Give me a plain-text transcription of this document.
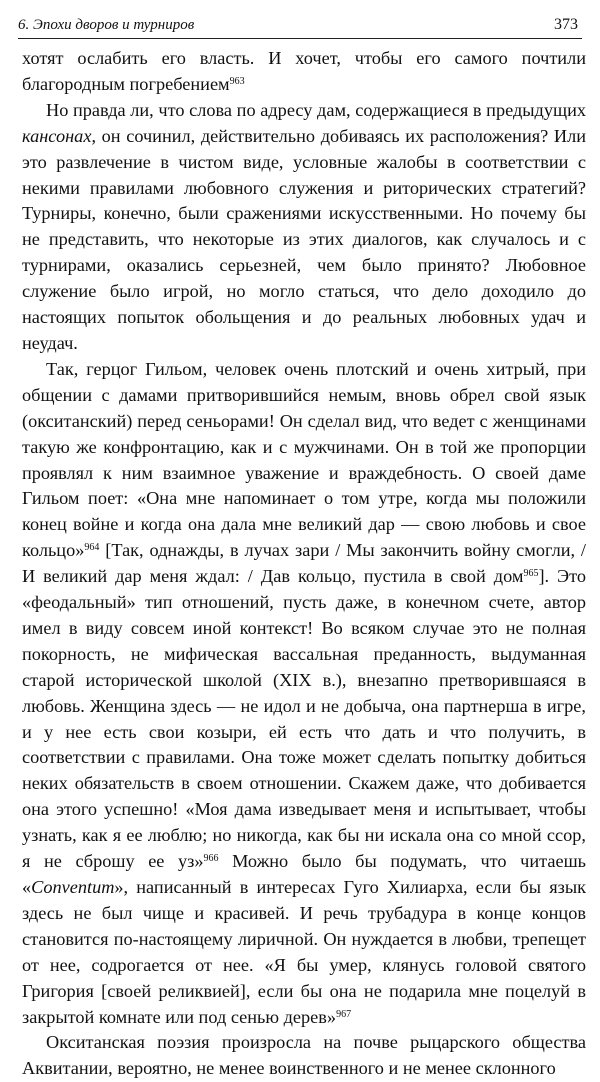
6. Эпохи дворов и турниров	373

хотят ослабить его власть. И хочет, чтобы его самого почтили благородным погребением$^{963}$

Но правда ли, что слова по адресу дам, содержащиеся в предыдущих кансонах, он сочинил, действительно добиваясь их расположения? Или это развлечение в чистом виде, условные жалобы в соответствии с некими правилами любовного служения и риторических стратегий? Турниры, конечно, были сражениями искусственными. Но почему бы не представить, что некоторые из этих диалогов, как случалось и с турнирами, оказались серьезней, чем было принято? Любовное служение было игрой, но могло статься, что дело доходило до настоящих попыток обольщения и до реальных любовных удач и неудач.

Так, герцог Гильом, человек очень плотский и очень хитрый, при общении с дамами притворившийся немым, вновь обрел свой язык (окситанский) перед сеньорами! Он сделал вид, что ведет с женщинами такую же конфронтацию, как и с мужчинами. Он в той же пропорции проявлял к ним взаимное уважение и враждебность. О своей даме Гильом поет: «Она мне напоминает о том утре, когда мы положили конец войне и когда она дала мне великий дар — свою любовь и свое кольцо»$^{964}$ [Так, однажды, в лучах зари / Мы закончить войну смогли, / И великий дар меня ждал: / Дав кольцо, пустила в свой дом$^{965}$]. Это «феодальный» тип отношений, пусть даже, в конечном счете, автор имел в виду совсем иной контекст! Во всяком случае это не полная покорность, не мифическая вассальная преданность, выдуманная старой исторической школой (XIX в.), внезапно претворившаяся в любовь. Женщина здесь — не идол и не добыча, она партнерша в игре, и у нее есть свои козыри, ей есть что дать и что получить, в соответствии с правилами. Она тоже может сделать попытку добиться неких обязательств в своем отношении. Скажем даже, что добивается она этого успешно! «Моя дама изведывает меня и испытывает, чтобы узнать, как я ее люблю; но никогда, как бы ни искала она со мной ссор, я не сброшу ее уз»$^{966}$ Можно было бы подумать, что читаешь «Conventum», написанный в интересах Гуго Хилиарха, если бы язык здесь не был чище и красивей. И речь трубадура в конце концов становится по-настоящему лиричной. Он нуждается в любви, трепещет от нее, содрогается от нее. «Я бы умер, клянусь головой святого Григория [своей реликвией], если бы она не подарила мне поцелуй в закрытой комнате или под сенью дерев»$^{967}$

Окситанская поэзия произросла на почве рыцарского общества Аквитании, вероятно, не менее воинственного и не менее склонного
